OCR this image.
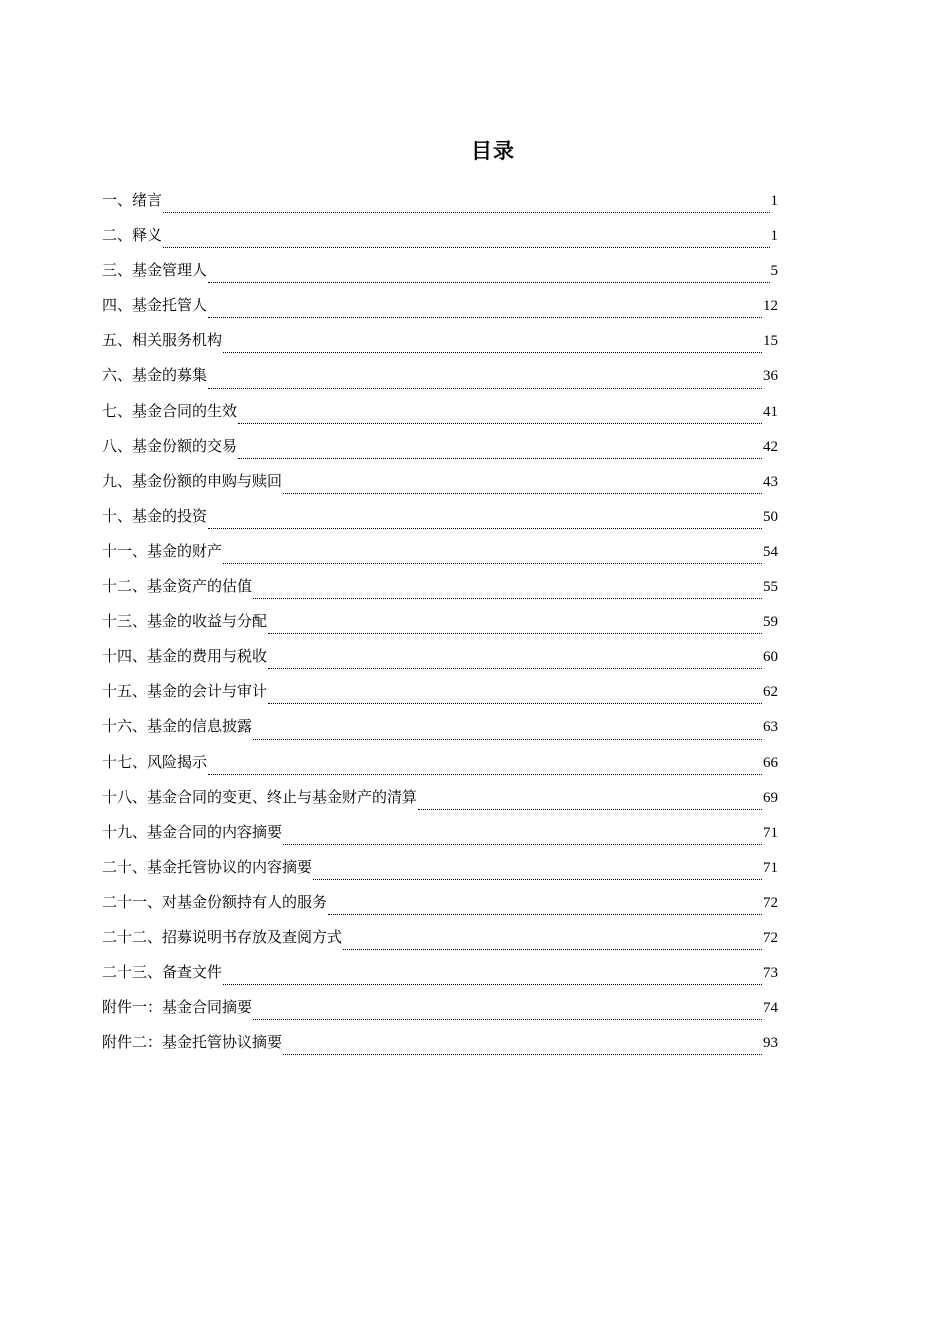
目录
一、绪言	1
二、释义	1
三、基金管理人	5
四、基金托管人	12
五、相关服务机构	15
六、基金的募集	36
七、基金合同的生效	41
八、基金份额的交易	42
九、基金份额的申购与赎回	43
十、基金的投资	50
十一、基金的财产	54
十二、基金资产的估值	55
十三、基金的收益与分配	59
十四、基金的费用与税收	60
十五、基金的会计与审计	62
十六、基金的信息披露	63
十七、风险揭示	66
十八、基金合同的变更、终止与基金财产的清算	69
十九、基金合同的内容摘要	71
二十、基金托管协议的内容摘要	71
二十一、对基金份额持有人的服务	72
二十二、招募说明书存放及查阅方式	72
二十三、备查文件	73
附件一：基金合同摘要	74
附件二：基金托管协议摘要	93
